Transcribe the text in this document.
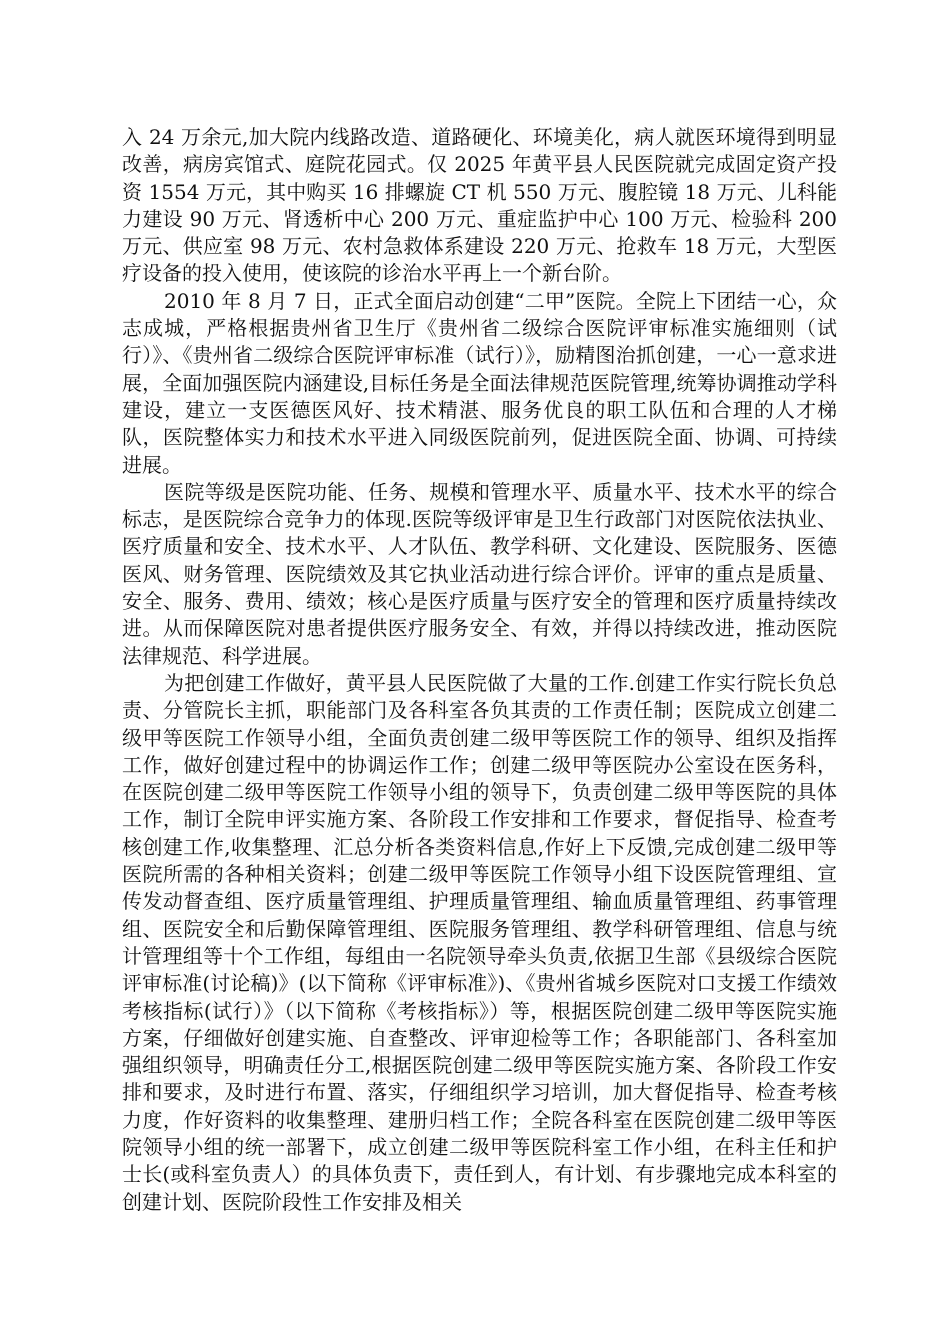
入 24 万余元,加大院内线路改造、道路硬化、环境美化，病人就医环境得到明显改善，病房宾馆式、庭院花园式。仅 2025 年黄平县人民医院就完成固定资产投资 1554 万元，其中购买 16 排螺旋 CT 机 550 万元、腹腔镜 18 万元、儿科能力建设 90 万元、肾透析中心 200 万元、重症监护中心 100 万元、检验科 200 万元、供应室 98 万元、农村急救体系建设 220 万元、抢救车 18 万元，大型医疗设备的投入使用，使该院的诊治水平再上一个新台阶。

2010 年 8 月 7 日，正式全面启动创建“二甲”医院。全院上下团结一心，众志成城，严格根据贵州省卫生厅《贵州省二级综合医院评审标准实施细则（试行）》、《贵州省二级综合医院评审标准（试行）》，励精图治抓创建，一心一意求进展，全面加强医院内涵建设,目标任务是全面法律规范医院管理,统筹协调推动学科建设，建立一支医德医风好、技术精湛、服务优良的职工队伍和合理的人才梯队，医院整体实力和技术水平进入同级医院前列，促进医院全面、协调、可持续进展。

医院等级是医院功能、任务、规模和管理水平、质量水平、技术水平的综合标志，是医院综合竞争力的体现.医院等级评审是卫生行政部门对医院依法执业、医疗质量和安全、技术水平、人才队伍、教学科研、文化建设、医院服务、医德医风、财务管理、医院绩效及其它执业活动进行综合评价。评审的重点是质量、安全、服务、费用、绩效；核心是医疗质量与医疗安全的管理和医疗质量持续改进。从而保障医院对患者提供医疗服务安全、有效，并得以持续改进，推动医院法律规范、科学进展。

为把创建工作做好，黄平县人民医院做了大量的工作.创建工作实行院长负总责、分管院长主抓，职能部门及各科室各负其责的工作责任制；医院成立创建二级甲等医院工作领导小组，全面负责创建二级甲等医院工作的领导、组织及指挥工作，做好创建过程中的协调运作工作；创建二级甲等医院办公室设在医务科，在医院创建二级甲等医院工作领导小组的领导下，负责创建二级甲等医院的具体工作，制订全院申评实施方案、各阶段工作安排和工作要求，督促指导、检查考核创建工作,收集整理、汇总分析各类资料信息,作好上下反馈,完成创建二级甲等医院所需的各种相关资料；创建二级甲等医院工作领导小组下设医院管理组、宣传发动督查组、医疗质量管理组、护理质量管理组、输血质量管理组、药事管理组、医院安全和后勤保障管理组、医院服务管理组、教学科研管理组、信息与统计管理组等十个工作组，每组由一名院领导牵头负责,依据卫生部《县级综合医院评审标准(讨论稿)》(以下简称《评审标准》)、《贵州省城乡医院对口支援工作绩效考核指标(试行）》（以下简称《考核指标》）等，根据医院创建二级甲等医院实施方案，仔细做好创建实施、自查整改、评审迎检等工作；各职能部门、各科室加强组织领导，明确责任分工,根据医院创建二级甲等医院实施方案、各阶段工作安排和要求，及时进行布置、落实，仔细组织学习培训，加大督促指导、检查考核力度，作好资料的收集整理、建册归档工作；全院各科室在医院创建二级甲等医院领导小组的统一部署下，成立创建二级甲等医院科室工作小组，在科主任和护士长(或科室负责人）的具体负责下，责任到人，有计划、有步骤地完成本科室的创建计划、医院阶段性工作安排及相关
